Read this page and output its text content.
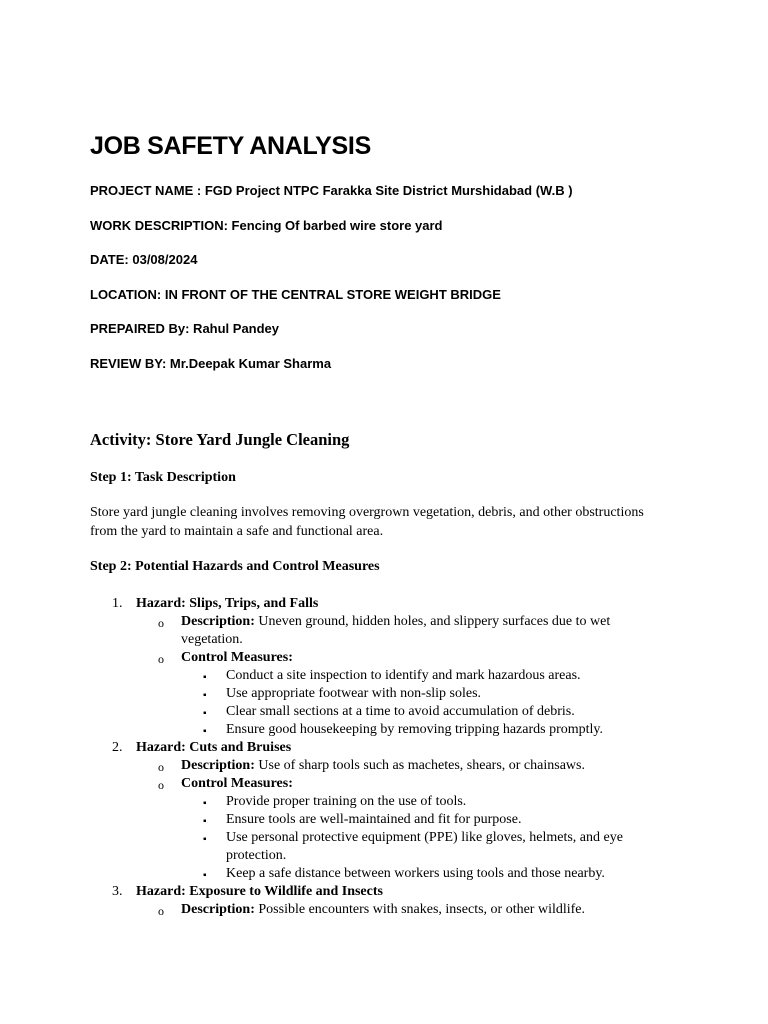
JOB SAFETY ANALYSIS
PROJECT NAME : FGD Project NTPC Farakka Site District Murshidabad (W.B )
WORK DESCRIPTION: Fencing Of barbed wire store yard
DATE: 03/08/2024
LOCATION: IN FRONT OF THE CENTRAL STORE WEIGHT BRIDGE
PREPAIRED By: Rahul Pandey
REVIEW BY: Mr.Deepak Kumar Sharma
Activity: Store Yard Jungle Cleaning
Step 1: Task Description
Store yard jungle cleaning involves removing overgrown vegetation, debris, and other obstructions from the yard to maintain a safe and functional area.
Step 2: Potential Hazards and Control Measures
1. Hazard: Slips, Trips, and Falls
o Description: Uneven ground, hidden holes, and slippery surfaces due to wet
vegetation.
o Control Measures:
▪ Conduct a site inspection to identify and mark hazardous areas.
▪ Use appropriate footwear with non-slip soles.
▪ Clear small sections at a time to avoid accumulation of debris.
▪ Ensure good housekeeping by removing tripping hazards promptly.
2. Hazard: Cuts and Bruises
o Description: Use of sharp tools such as machetes, shears, or chainsaws.
o Control Measures:
▪ Provide proper training on the use of tools.
▪ Ensure tools are well-maintained and fit for purpose.
▪ Use personal protective equipment (PPE) like gloves, helmets, and eye
protection.
▪ Keep a safe distance between workers using tools and those nearby.
3. Hazard: Exposure to Wildlife and Insects
o Description: Possible encounters with snakes, insects, or other wildlife.
